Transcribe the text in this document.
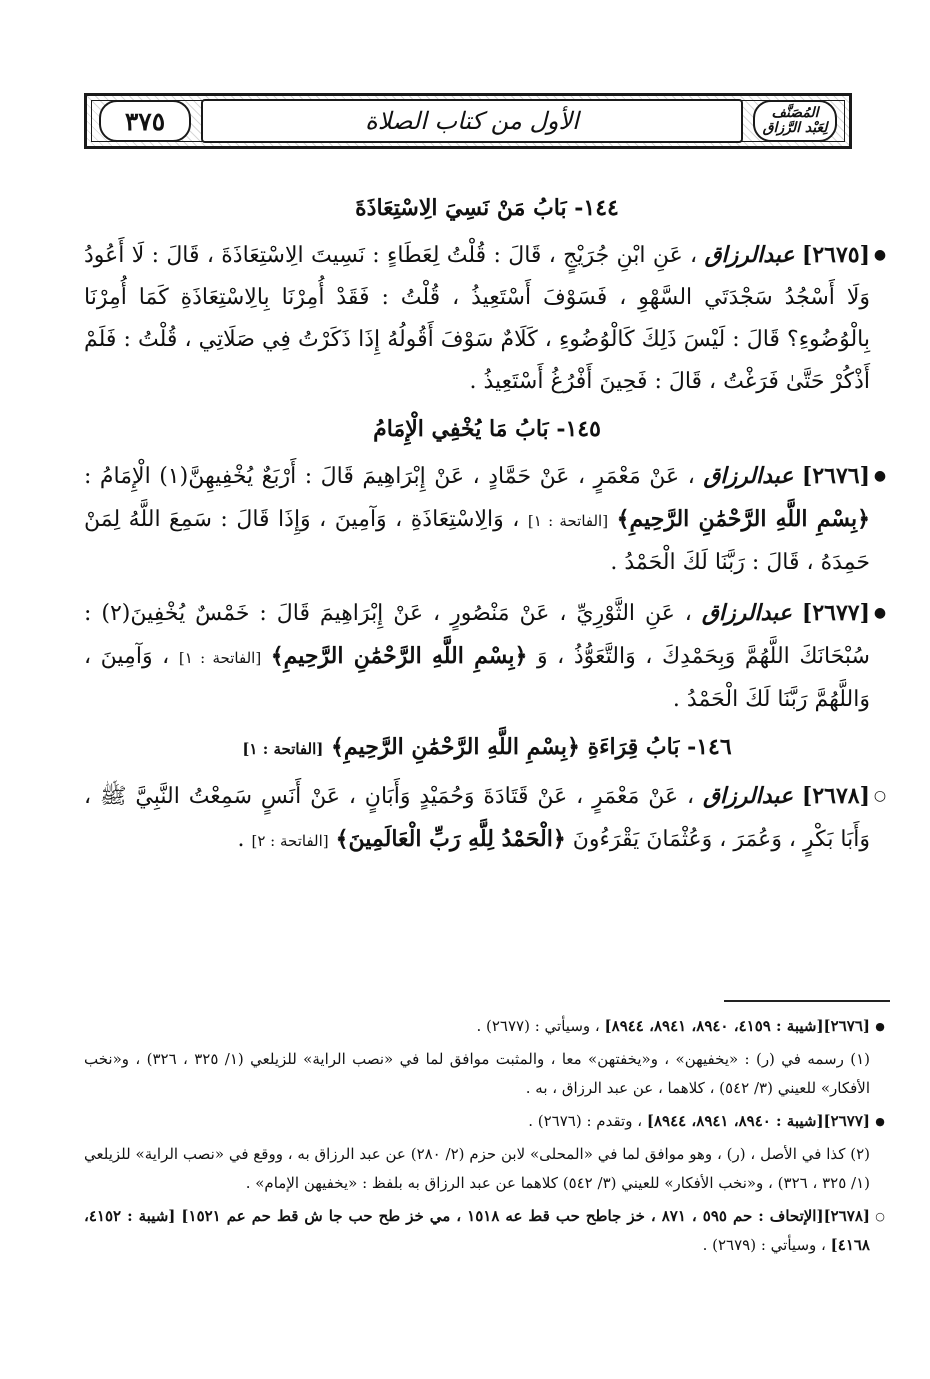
المُصَنَّف
لِعَبْد الرَّزاق
الأول من كتاب الصلاة
٣٧٥
١٤٤- بَابُ مَنْ نَسِيَ الِاسْتِعَاذَةَ
●
[٢٦٧٥] عبدالرزاق ، عَنِ ابْنِ جُرَيْجٍ ، قَالَ : قُلْتُ لِعَطَاءٍ : نَسِيتَ الِاسْتِعَاذَةَ ، قَالَ : لَا أَعُودُ وَلَا أَسْجُدُ سَجْدَتَي السَّهْوِ ، فَسَوْفَ أَسْتَعِيذُ ، قُلْتُ : فَقَدْ أُمِرْنَا بِالِاسْتِعَاذَةِ كَمَا أُمِرْنَا بِالْوُضُوءِ؟ قَالَ : لَيْسَ ذَلِكَ كَالْوُضُوءِ ، كَلَامٌ سَوْفَ أَقُولُهُ إِذَا ذَكَرْتُ فِي صَلَاتِي ، قُلْتُ : فَلَمْ أَذْكُرْ حَتَّىٰ فَرَغْتُ ، قَالَ : فَحِينَ أَفْرُغُ أَسْتَعِيذُ .
١٤٥- بَابُ مَا يُخْفِي الْإِمَامُ
●
[٢٦٧٦] عبدالرزاق ، عَنْ مَعْمَرٍ ، عَنْ حَمَّادٍ ، عَنْ إِبْرَاهِيمَ قَالَ : أَرْبَعٌ يُخْفِيهِنَّ(١) الْإِمَامُ : ﴿بِسْمِ اللَّهِ الرَّحْمَٰنِ الرَّحِيمِ﴾ [الفاتحة : ١] ، وَالِاسْتِعَاذَةِ ، وَآمِينَ ، وَإِذَا قَالَ : سَمِعَ اللَّهُ لِمَنْ حَمِدَهُ ، قَالَ : رَبَّنَا لَكَ الْحَمْدُ .
●
[٢٦٧٧] عبدالرزاق ، عَنِ الثَّوْرِيِّ ، عَنْ مَنْصُورٍ ، عَنْ إِبْرَاهِيمَ قَالَ : خَمْسٌ يُخْفِينَ(٢) : سُبْحَانَكَ اللَّهُمَّ وَبِحَمْدِكَ ، وَالتَّعَوُّذُ ، وَ ﴿بِسْمِ اللَّهِ الرَّحْمَٰنِ الرَّحِيمِ﴾ [الفاتحة : ١] ، وَآمِينَ ، وَاللَّهُمَّ رَبَّنَا لَكَ الْحَمْدُ .
١٤٦- بَابُ قِرَاءَةِ ﴿بِسْمِ اللَّهِ الرَّحْمَٰنِ الرَّحِيمِ﴾ [الفاتحة : ١]
○
[٢٦٧٨] عبدالرزاق ، عَنْ مَعْمَرٍ ، عَنْ قَتَادَةَ وَحُمَيْدٍ وَأَبَانٍ ، عَنْ أَنَسٍ سَمِعْتُ النَّبِيَّ ﷺ ، وَأَبَا بَكْرٍ ، وَعُمَرَ ، وَعُثْمَانَ يَقْرَءُونَ ﴿الْحَمْدُ لِلَّهِ رَبِّ الْعَالَمِينَ﴾ [الفاتحة : ٢] .
●
[٢٦٧٦][شيبة : ٤١٥٩، ٨٩٤٠، ٨٩٤١، ٨٩٤٤] ، وسيأتي : (٢٦٧٧) .
(١) رسمه في (ر) : «يخفيهن» ، و«يخفتهن» معا ، والمثبت موافق لما في «نصب الراية» للزيلعي (١/ ٣٢٥ ، ٣٢٦) ، و«نخب الأفكار» للعيني (٣/ ٥٤٢) ، كلاهما ، عن عبد الرزاق ، به .
●
[٢٦٧٧][شيبة : ٨٩٤٠، ٨٩٤١، ٨٩٤٤] ، وتقدم : (٢٦٧٦) .
(٢) كذا في الأصل ، (ر) ، وهو موافق لما في «المحلى» لابن حزم (٢/ ٢٨٠) عن عبد الرزاق به ، ووقع في «نصب الراية» للزيلعي (١/ ٣٢٥ ، ٣٢٦) ، و«نخب الأفكار» للعيني (٣/ ٥٤٢) كلاهما عن عبد الرزاق به بلفظ : «يخفيهن الإمام» .
○
[٢٦٧٨][الإتحاف : حم ٥٩٥ ، ٨٧١ ، خز جاطح حب قط عه ١٥١٨ ، مي خز طح حب جا ش قط حم عم ١٥٢١] [شيبة : ٤١٥٢، ٤١٦٨] ، وسيأتي : (٢٦٧٩) .
